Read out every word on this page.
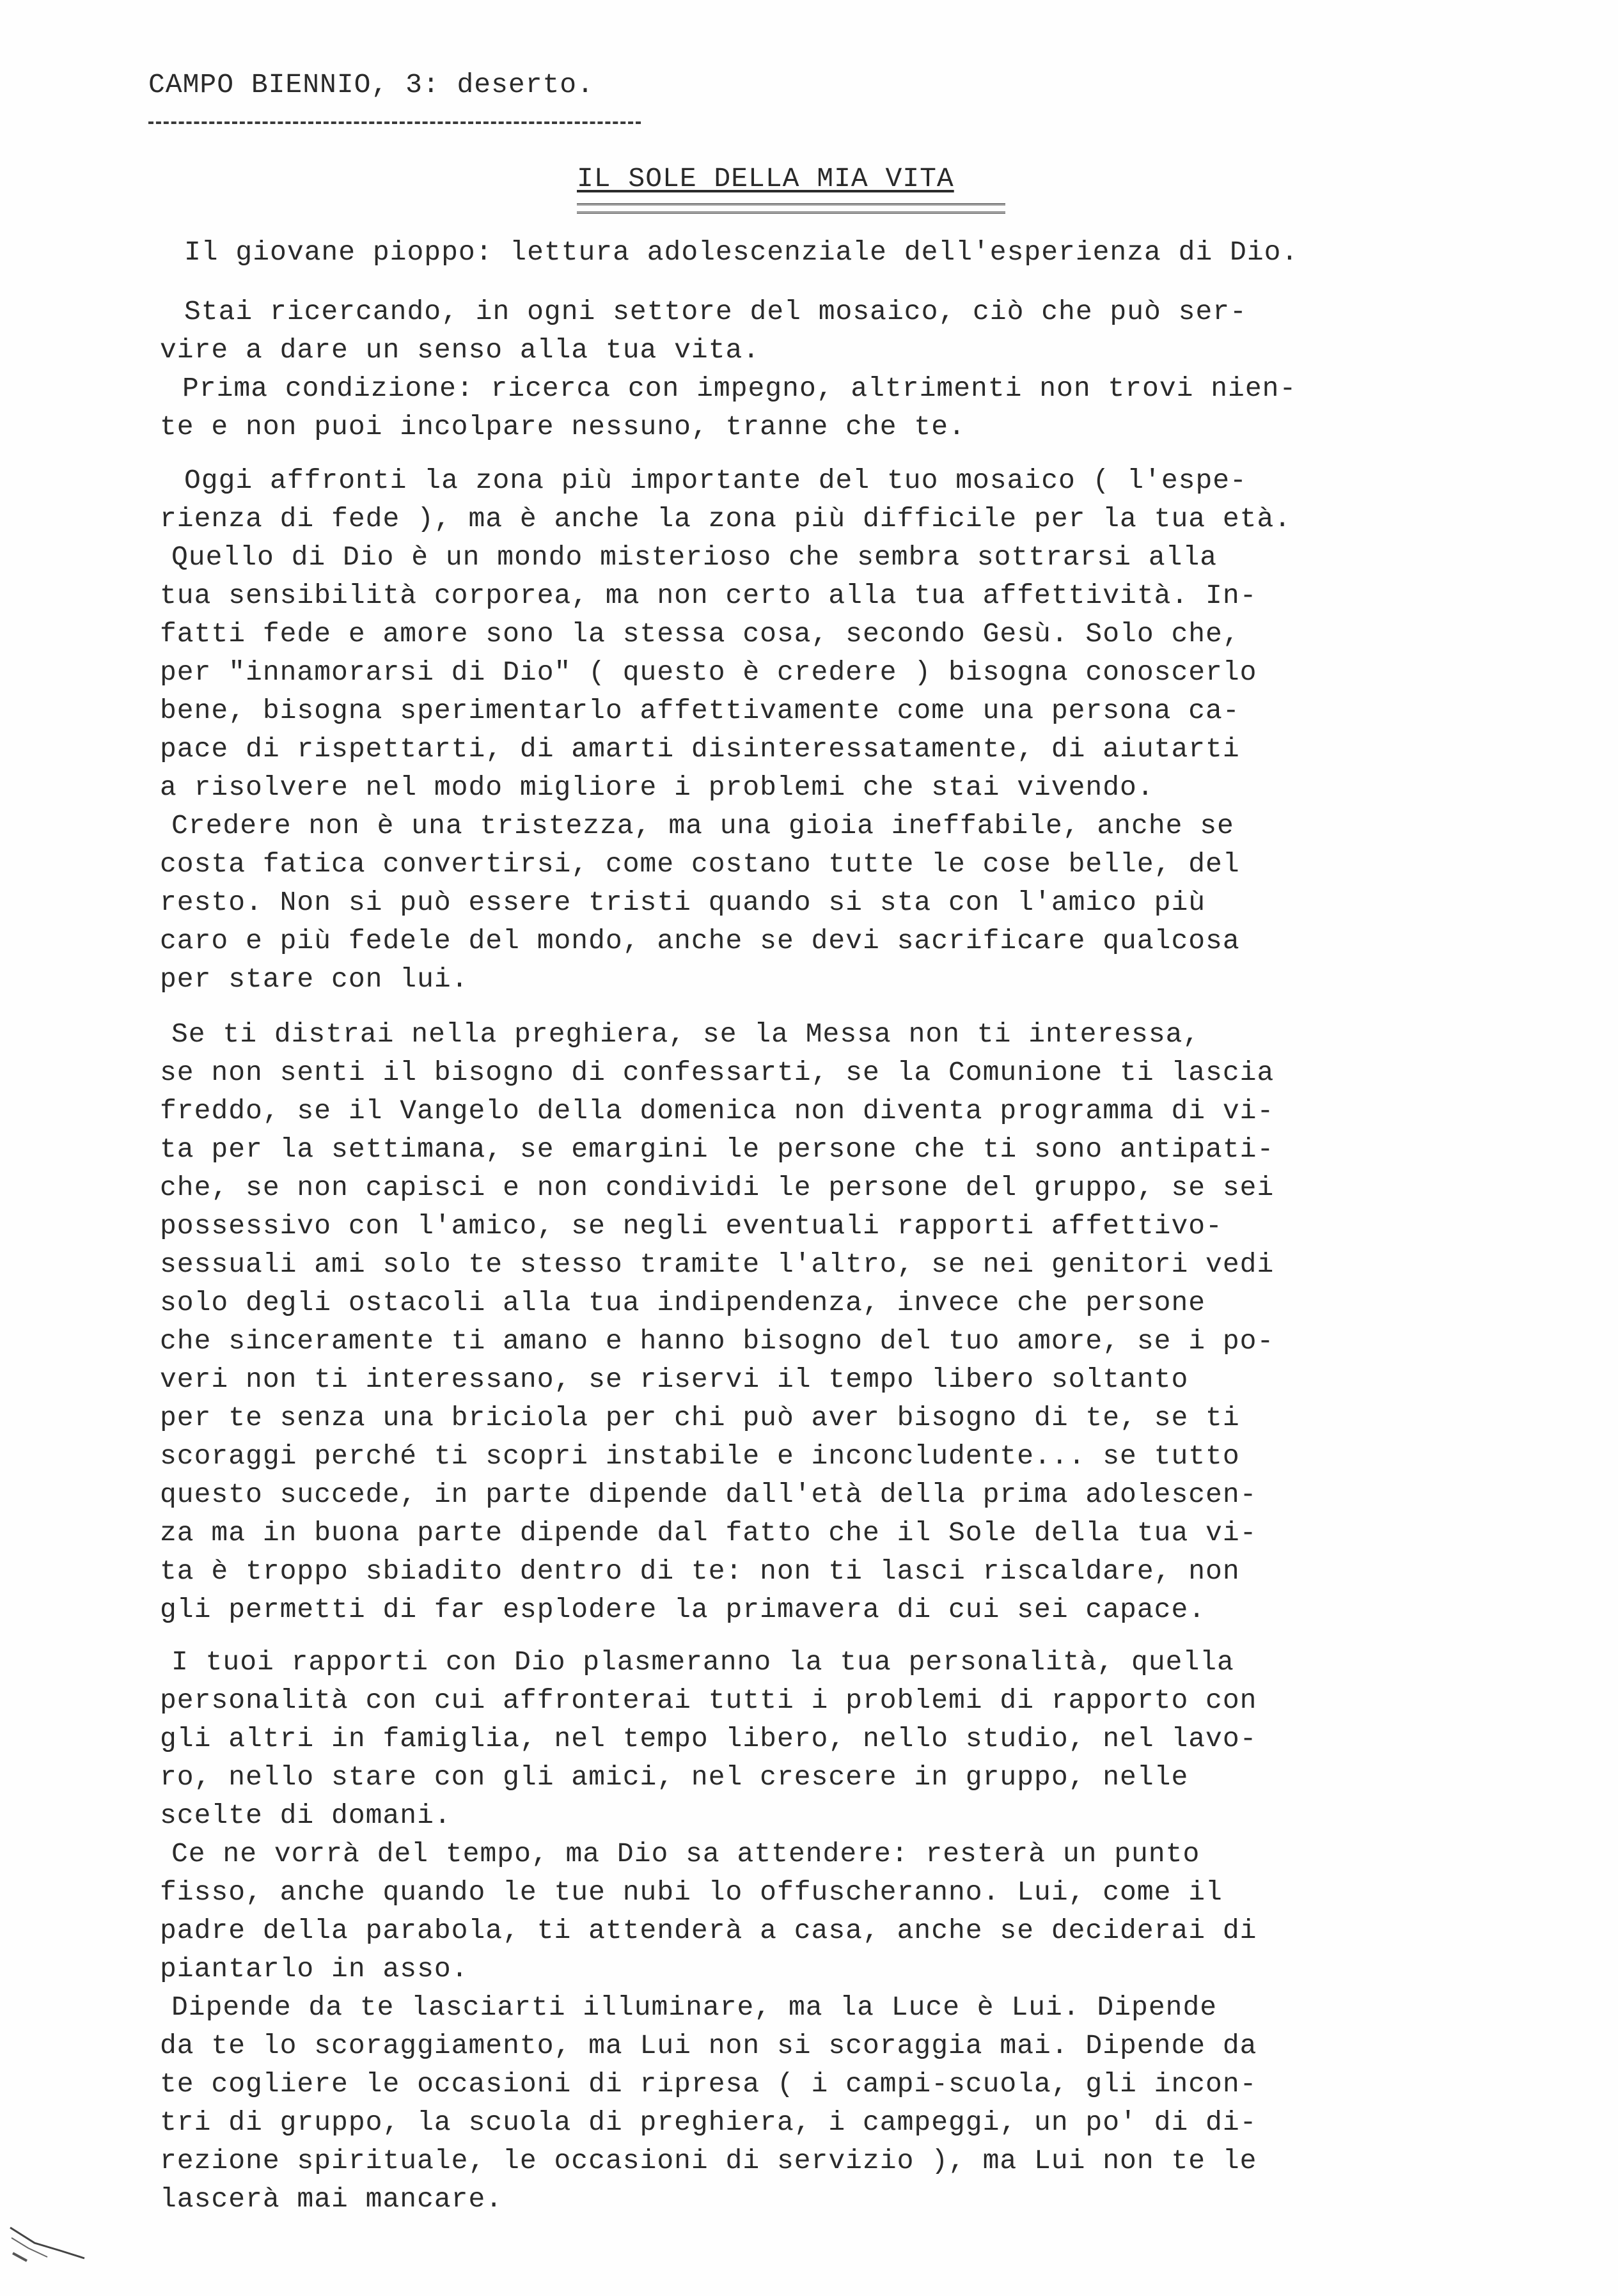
CAMPO BIENNIO, 3: deserto.
IL SOLE DELLA MIA VITA
Il giovane pioppo: lettura adolescenziale dell'esperienza di Dio.
Stai ricercando, in ogni settore del mosaico, ciò che può ser-
vire a dare un senso alla tua vita.
Prima condizione: ricerca con impegno, altrimenti non trovi nien-
te e non puoi incolpare nessuno, tranne che te.
Oggi affronti la zona più importante del tuo mosaico ( l'espe-
rienza di fede ), ma è anche la zona più difficile per la tua età.
Quello di Dio è un mondo misterioso che sembra sottrarsi alla
tua sensibilità corporea, ma non certo alla tua affettività. In-
fatti fede e amore sono la stessa cosa, secondo Gesù. Solo che,
per "innamorarsi di Dio" ( questo è credere ) bisogna conoscerlo
bene, bisogna sperimentarlo affettivamente come una persona ca-
pace di rispettarti, di amarti disinteressatamente, di aiutarti
a risolvere nel modo migliore i problemi che stai vivendo.
Credere non è una tristezza, ma una gioia ineffabile, anche se
costa fatica convertirsi, come costano tutte le cose belle, del
resto. Non si può essere tristi quando si sta con l'amico più
caro e più fedele del mondo, anche se devi sacrificare qualcosa
per stare con lui.
Se ti distrai nella preghiera, se la Messa non ti interessa,
se non senti il bisogno di confessarti, se la Comunione ti lascia
freddo, se il Vangelo della domenica non diventa programma di vi-
ta per la settimana, se emargini le persone che ti sono antipati-
che, se non capisci e non condividi le persone del gruppo, se sei
possessivo con l'amico, se negli eventuali rapporti affettivo-
sessuali ami solo te stesso tramite l'altro, se nei genitori vedi
solo degli ostacoli alla tua indipendenza, invece che persone
che sinceramente ti amano e hanno bisogno del tuo amore, se i po-
veri non ti interessano, se riservi il tempo libero soltanto
per te senza una briciola per chi può aver bisogno di te, se ti
scoraggi perché ti scopri instabile e inconcludente... se tutto
questo succede, in parte dipende dall'età della prima adolescen-
za ma in buona parte dipende dal fatto che il Sole della tua vi-
ta è troppo sbiadito dentro di te: non ti lasci riscaldare, non
gli permetti di far esplodere la primavera di cui sei capace.
I tuoi rapporti con Dio plasmeranno la tua personalità, quella
personalità con cui affronterai tutti i problemi di rapporto con
gli altri in famiglia, nel tempo libero, nello studio, nel lavo-
ro, nello stare con gli amici, nel crescere in gruppo, nelle
scelte di domani.
Ce ne vorrà del tempo, ma Dio sa attendere: resterà un punto
fisso, anche quando le tue nubi lo offuscheranno. Lui, come il
padre della parabola, ti attenderà a casa, anche se deciderai di
piantarlo in asso.
Dipende da te lasciarti illuminare, ma la Luce è Lui. Dipende
da te lo scoraggiamento, ma Lui non si scoraggia mai. Dipende da
te cogliere le occasioni di ripresa ( i campi-scuola, gli incon-
tri di gruppo, la scuola di preghiera, i campeggi, un po' di di-
rezione spirituale, le occasioni di servizio ), ma Lui non te le
lascerà mai mancare.
